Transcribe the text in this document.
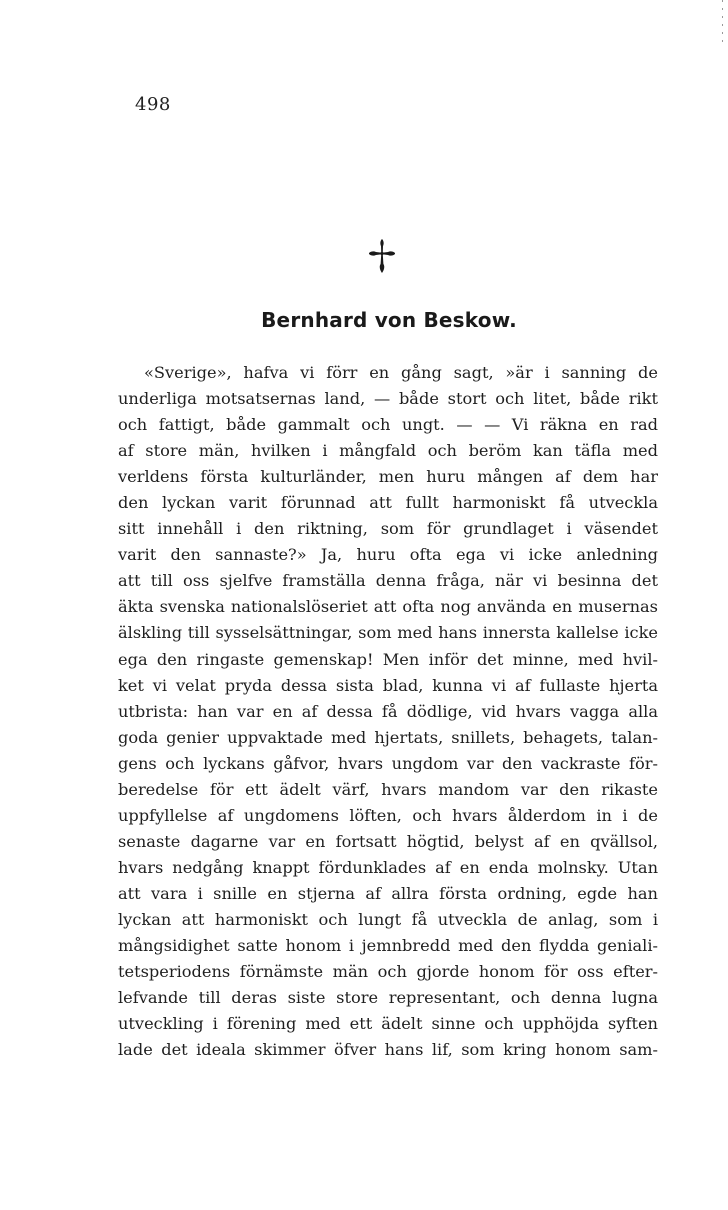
498
Bernhard von Beskow.
«Sverige», hafva vi förr en gång sagt, »är i sanning de
underliga motsatsernas land, — både stort och litet, både rikt
och fattigt, både gammalt och ungt. — — Vi räkna en rad
af store män, hvilken i mångfald och beröm kan täfla med
verldens första kulturländer, men huru mången af dem har
den lyckan varit förunnad att fullt harmoniskt få utveckla
sitt innehåll i den riktning, som för grundlaget i väsendet
varit den sannaste?» Ja, huru ofta ega vi icke anledning
att till oss sjelfve framställa denna fråga, när vi besinna det
äkta svenska nationalslöseriet att ofta nog använda en musernas
älskling till sysselsättningar, som med hans innersta kallelse icke
ega den ringaste gemenskap! Men inför det minne, med hvil-
ket vi velat pryda dessa sista blad, kunna vi af fullaste hjerta
utbrista: han var en af dessa få dödlige, vid hvars vagga alla
goda genier uppvaktade med hjertats, snillets, behagets, talan-
gens och lyckans gåfvor, hvars ungdom var den vackraste för-
beredelse för ett ädelt värf, hvars mandom var den rikaste
uppfyllelse af ungdomens löften, och hvars ålderdom in i de
senaste dagarne var en fortsatt högtid, belyst af en qvällsol,
hvars nedgång knappt fördunklades af en enda molnsky. Utan
att vara i snille en stjerna af allra första ordning, egde han
lyckan att harmoniskt och lungt få utveckla de anlag, som i
mångsidighet satte honom i jemnbredd med den flydda geniali-
tetsperiodens förnämste män och gjorde honom för oss efter-
lefvande till deras siste store representant, och denna lugna
utveckling i förening med ett ädelt sinne och upphöjda syften
lade det ideala skimmer öfver hans lif, som kring honom sam-
